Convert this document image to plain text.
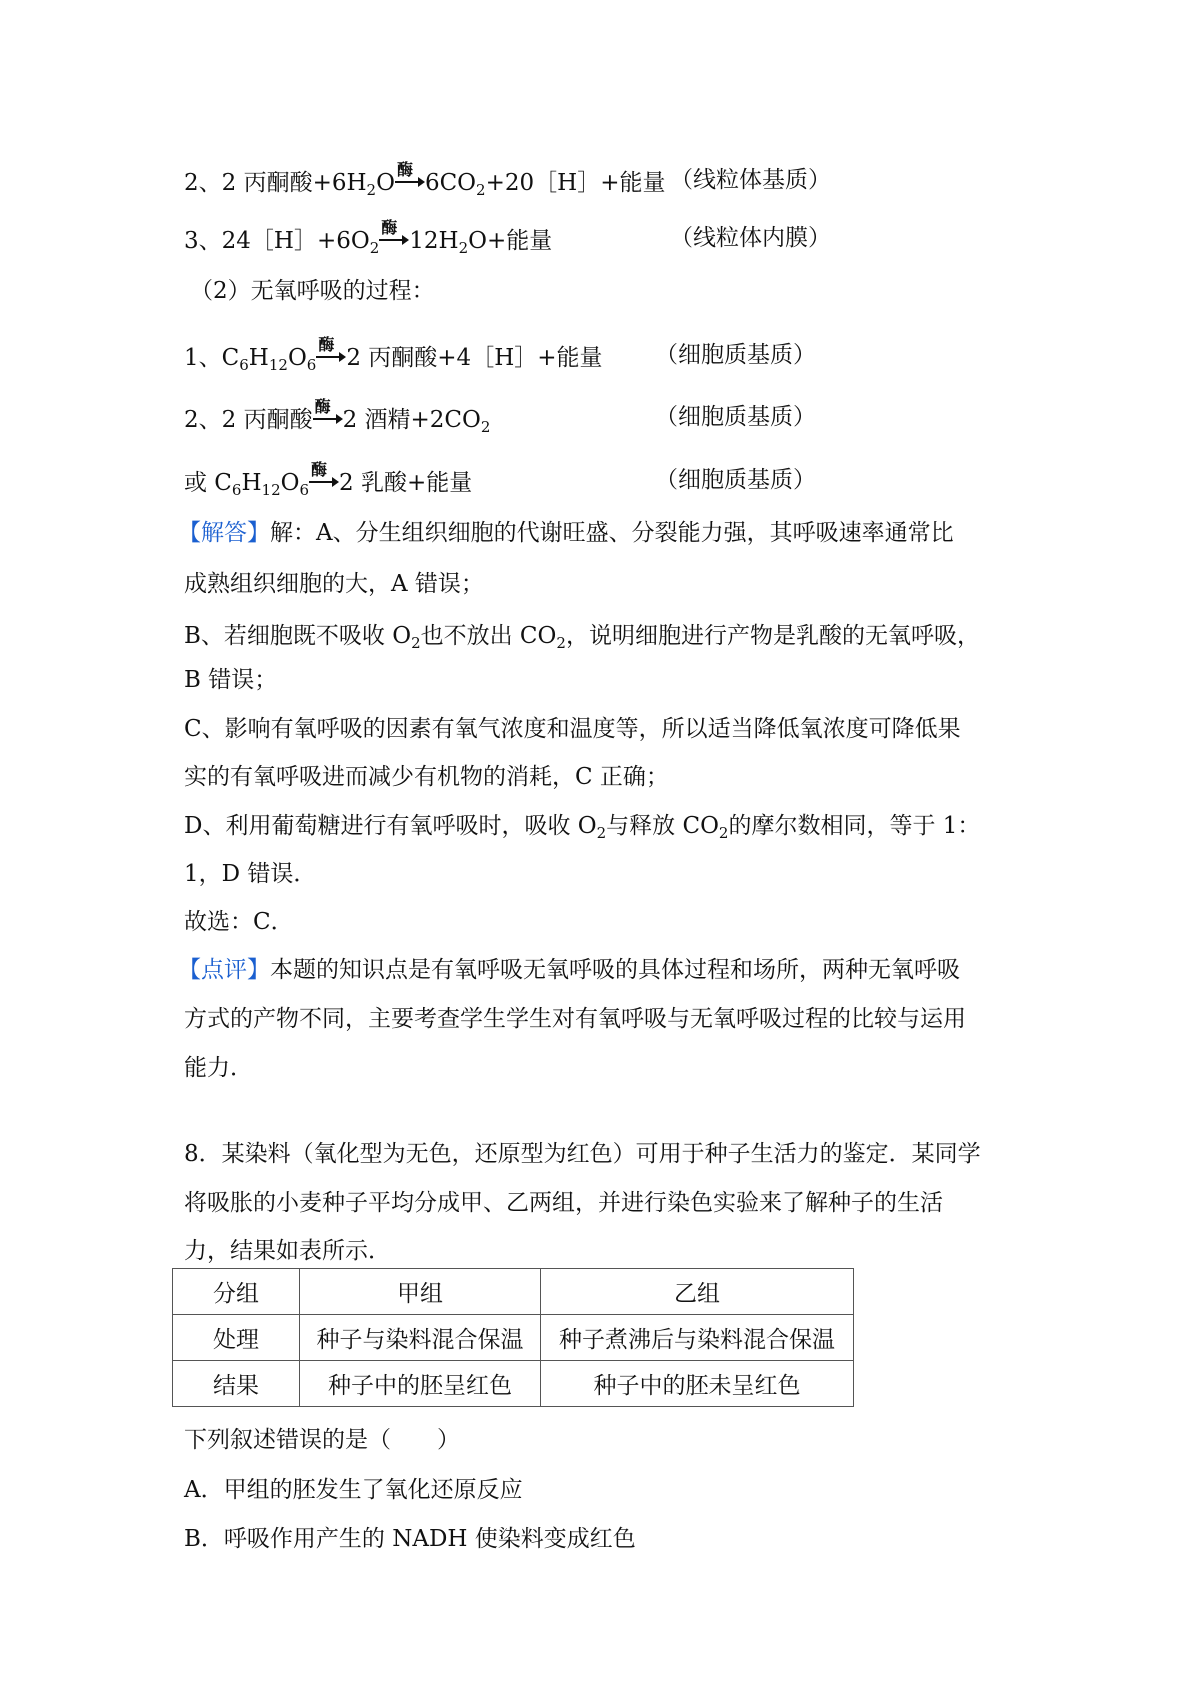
2、2 丙酮酸$+6H_2O$
酶
$6CO_2+20[H]+$能量 （线粒体基质）
3、$24[H]+6O_2$
酶
$12H_2O+$能量	（线粒体内膜）
（2）无氧呼吸的过程：
1、$C_6H_{12}O_6$
酶
2 丙酮酸+4［H］+能量 （细胞质基质）
2、2 丙酮酸
酶
2 酒精$+2CO_2$	（细胞质基质）
或 $C_6H_{12}O_6$
酶
2 乳酸+能量	（细胞质基质）
【解答】解：A、分生组织细胞的代谢旺盛、分裂能力强，其呼吸速率通常比
成熟组织细胞的大，A 错误；
B、若细胞既不吸收 $O_2$也不放出 $CO_2$，说明细胞进行产物是乳酸的无氧呼吸，
B 错误；
C、影响有氧呼吸的因素有氧气浓度和温度等，所以适当降低氧浓度可降低果
实的有氧呼吸进而减少有机物的消耗，C 正确；
D、利用葡萄糖进行有氧呼吸时，吸收 $O_2$与释放 $CO_2$的摩尔数相同，等于 1：
1，D 错误．
故选：C．
【点评】本题的知识点是有氧呼吸无氧呼吸的具体过程和场所，两种无氧呼吸
方式的产物不同，主要考查学生学生对有氧呼吸与无氧呼吸过程的比较与运用
能力．
8．某染料（氧化型为无色，还原型为红色）可用于种子生活力的鉴定．某同学
将吸胀的小麦种子平均分成甲、乙两组，并进行染色实验来了解种子的生活
力，结果如表所示．
分组	甲组	乙组
处理	种子与染料混合保温	种子煮沸后与染料混合保温
结果	种子中的胚呈红色	种子中的胚未呈红色
下列叙述错误的是（　　）
A．甲组的胚发生了氧化还原反应
B．呼吸作用产生的 NADH 使染料变成红色
